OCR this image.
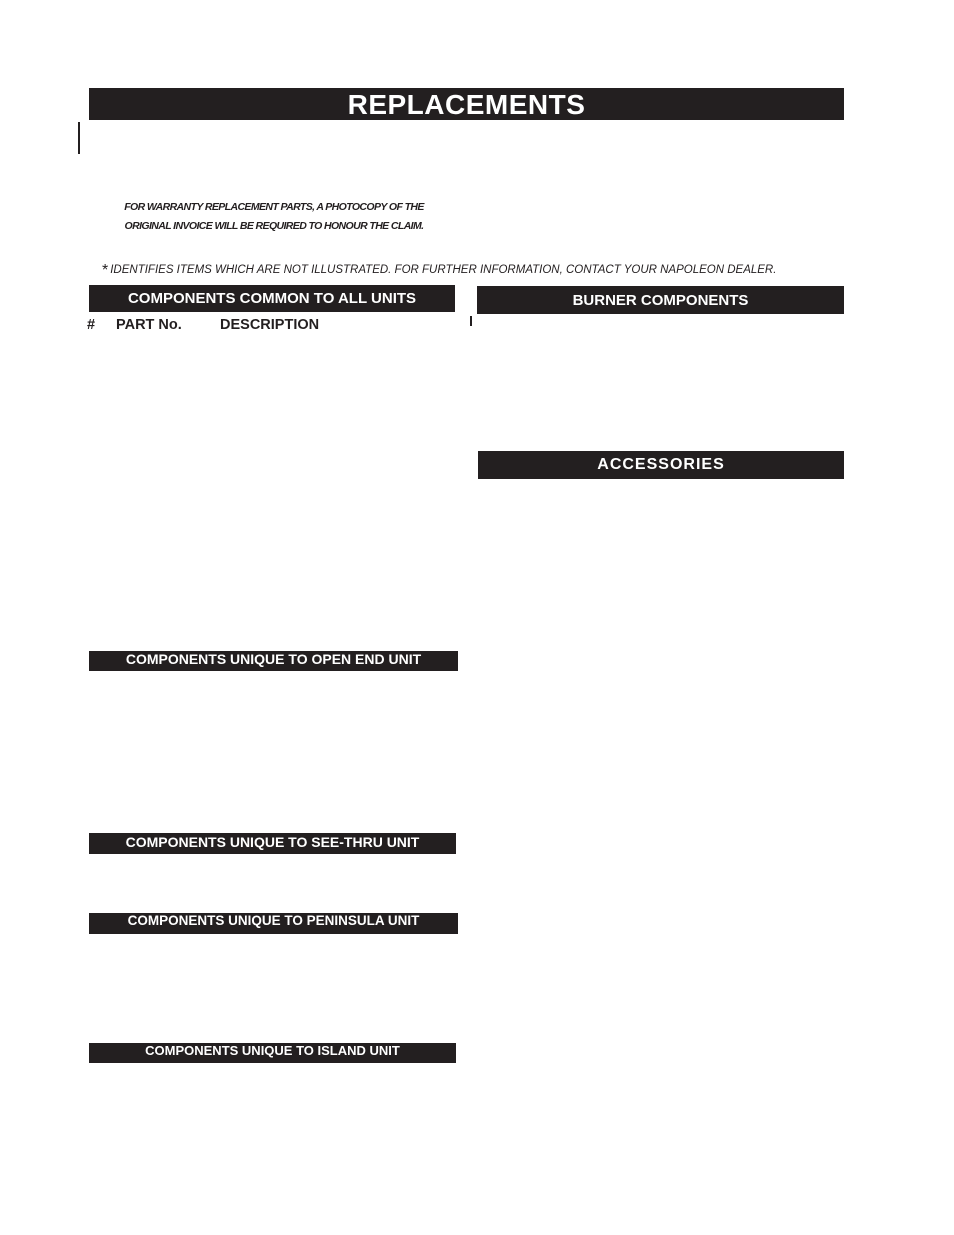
REPLACEMENTS
FOR WARRANTY REPLACEMENT PARTS, A PHOTOCOPY OF THE
ORIGINAL INVOICE WILL BE REQUIRED TO HONOUR THE CLAIM.
* IDENTIFIES ITEMS WHICH ARE NOT ILLUSTRATED. FOR FURTHER INFORMATION, CONTACT YOUR NAPOLEON DEALER.
COMPONENTS COMMON TO ALL UNITS	BURNER COMPONENTS
# PART No.	DESCRIPTION
ACCESSORIES
COMPONENTS UNIQUE TO OPEN END UNIT
COMPONENTS UNIQUE TO SEE-THRU UNIT
COMPONENTS UNIQUE TO PENINSULA UNIT
COMPONENTS UNIQUE TO ISLAND UNIT
